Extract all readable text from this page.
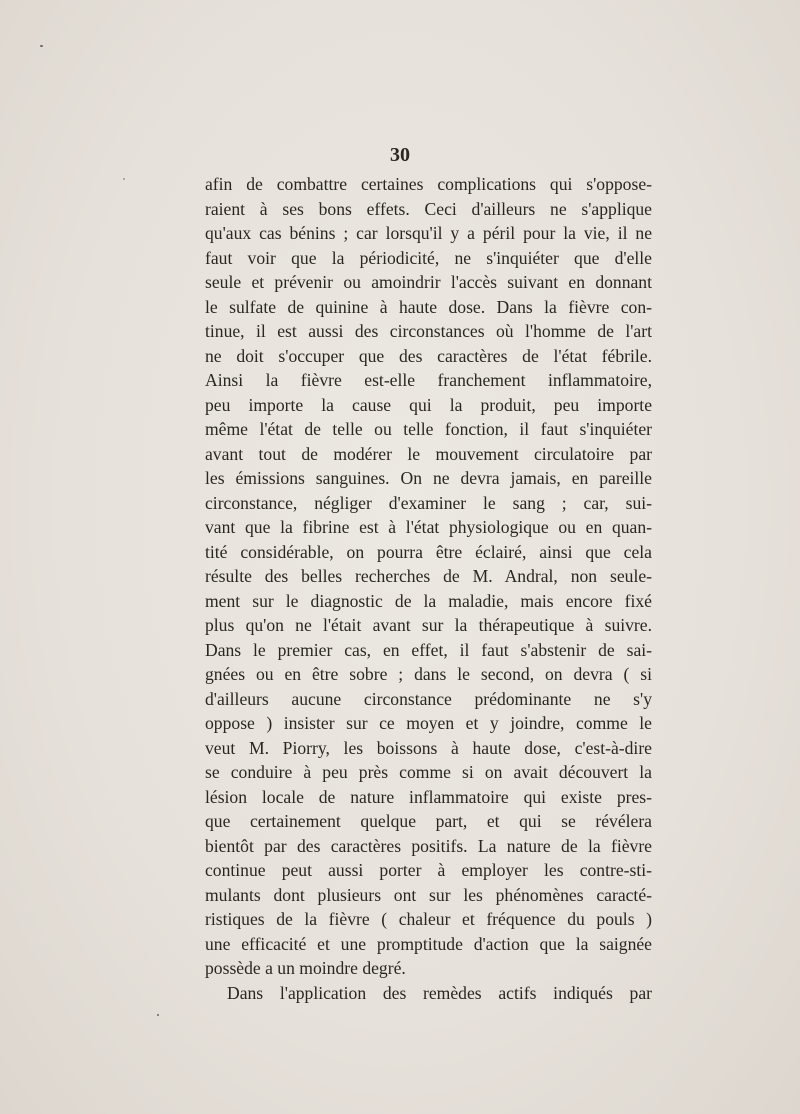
30
afin de combattre certaines complications qui s'oppose-
raient à ses bons effets. Ceci d'ailleurs ne s'applique
qu'aux cas bénins ; car lorsqu'il y a péril pour la vie, il ne
faut voir que la périodicité, ne s'inquiéter que d'elle
seule et prévenir ou amoindrir l'accès suivant en donnant
le sulfate de quinine à haute dose. Dans la fièvre con-
tinue, il est aussi des circonstances où l'homme de l'art
ne doit s'occuper que des caractères de l'état fébrile.
Ainsi la fièvre est-elle franchement inflammatoire,
peu importe la cause qui la produit, peu importe
même l'état de telle ou telle fonction, il faut s'inquiéter
avant tout de modérer le mouvement circulatoire par
les émissions sanguines. On ne devra jamais, en pareille
circonstance, négliger d'examiner le sang ; car, sui-
vant que la fibrine est à l'état physiologique ou en quan-
tité considérable, on pourra être éclairé, ainsi que cela
résulte des belles recherches de M. Andral, non seule-
ment sur le diagnostic de la maladie, mais encore fixé
plus qu'on ne l'était avant sur la thérapeutique à suivre.
Dans le premier cas, en effet, il faut s'abstenir de sai-
gnées ou en être sobre ; dans le second, on devra ( si
d'ailleurs aucune circonstance prédominante ne s'y
oppose ) insister sur ce moyen et y joindre, comme le
veut M. Piorry, les boissons à haute dose, c'est-à-dire
se conduire à peu près comme si on avait découvert la
lésion locale de nature inflammatoire qui existe pres-
que certainement quelque part, et qui se révélera
bientôt par des caractères positifs. La nature de la fièvre
continue peut aussi porter à employer les contre-sti-
mulants dont plusieurs ont sur les phénomènes caracté-
ristiques de la fièvre ( chaleur et fréquence du pouls )
une efficacité et une promptitude d'action que la saignée
possède a un moindre degré.
Dans l'application des remèdes actifs indiqués par
